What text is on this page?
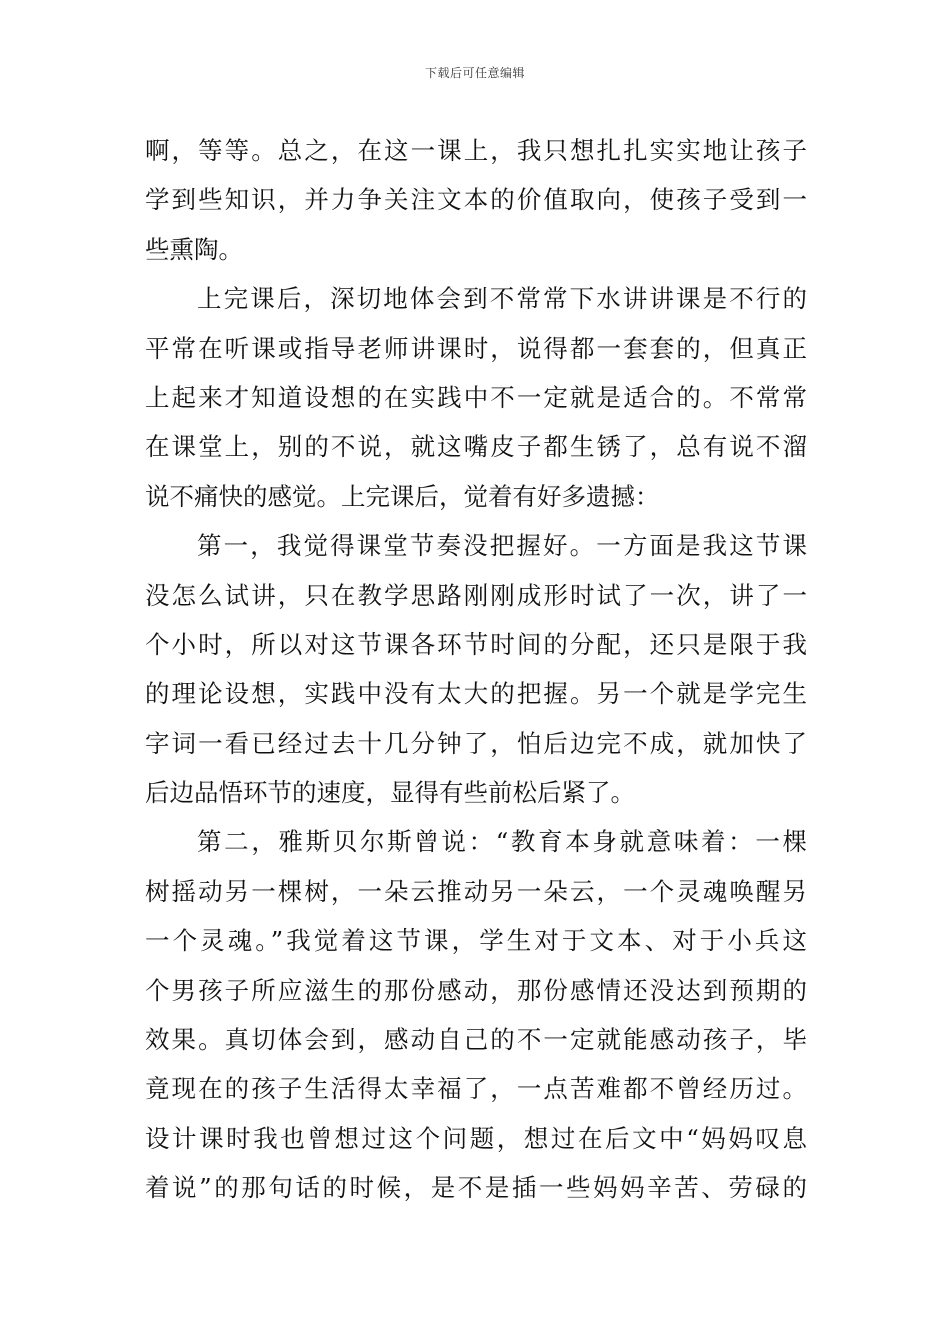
下载后可任意编辑
啊，等等。总之，在这一课上，我只想扎扎实实地让孩子
学到些知识，并力争关注文本的价值取向，使孩子受到一
些熏陶。
上完课后，深切地体会到不常常下水讲讲课是不行的
平常在听课或指导老师讲课时，说得都一套套的，但真正
上起来才知道设想的在实践中不一定就是适合的。不常常
在课堂上，别的不说，就这嘴皮子都生锈了，总有说不溜
说不痛快的感觉。上完课后，觉着有好多遗撼：
第一，我觉得课堂节奏没把握好。一方面是我这节课
没怎么试讲，只在教学思路刚刚成形时试了一次，讲了一
个小时，所以对这节课各环节时间的分配，还只是限于我
的理论设想，实践中没有太大的把握。另一个就是学完生
字词一看已经过去十几分钟了，怕后边完不成，就加快了
后边品悟环节的速度，显得有些前松后紧了。
第二，雅斯贝尔斯曾说：“教育本身就意味着：一棵
树摇动另一棵树，一朵云推动另一朵云，一个灵魂唤醒另
一个灵魂。”我觉着这节课，学生对于文本、对于小兵这
个男孩子所应滋生的那份感动，那份感情还没达到预期的
效果。真切体会到，感动自己的不一定就能感动孩子，毕
竟现在的孩子生活得太幸福了，一点苦难都不曾经历过。
设计课时我也曾想过这个问题，想过在后文中“妈妈叹息
着说”的那句话的时候，是不是插一些妈妈辛苦、劳碌的
